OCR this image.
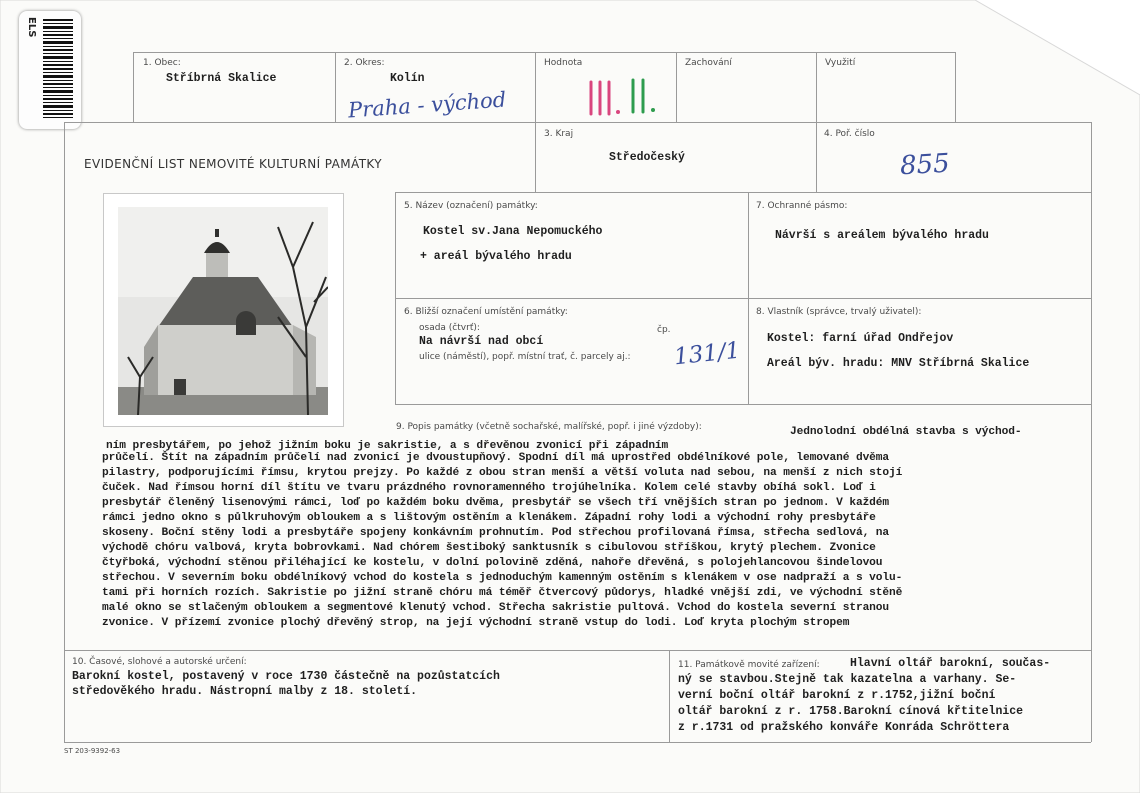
ELS
1. Obec:
Stříbrná Skalice
2. Okres:
Kolín
Praha - východ
Hodnota	Zachování	Využití
EVIDENČNÍ LIST NEMOVITÉ KULTURNÍ PAMÁTKY
3. Kraj
Středočeský
4. Poř. číslo
855
5. Název (označení) památky:
Kostel sv.Jana Nepomuckého
+ areál bývalého hradu
7. Ochranné pásmo:
Návrší s areálem bývalého hradu
6. Bližší označení umístění památky:
osada (čtvrť):
Na návrší nad obcí
čp.
ulice (náměstí), popř. místní trať, č. parcely aj.: 131/1
8. Vlastník (správce, trvalý uživatel):
Kostel: farní úřad Ondřejov
Areál býv. hradu: MNV Stříbrná Skalice
9. Popis památky (včetně sochařské, malířské, popř. i jiné výzdoby):	Jednolodní obdélná stavba s východ-
ním presbytářem, po jehož jižním boku je sakristie, a s dřevěnou zvonicí při západním
průčelí. Štít na západním průčelí nad zvonicí je dvoustupňový. Spodní díl má uprostřed obdélníkové pole, lemované dvěma
pilastry, podporujícími římsu, krytou prejzy. Po každé z obou stran menší a větší voluta nad sebou, na menší z nich stojí
čuček. Nad římsou horní díl štítu ve tvaru prázdného rovnoramenného trojúhelníka. Kolem celé stavby obíhá sokl. Loď i
presbytář členěný lisenovými rámci, loď po každém boku dvěma, presbytář se všech tří vnějších stran po jednom. V každém
rámci jedno okno s půlkruhovým obloukem a s lištovým ostěním a klenákem. Západní rohy lodi a východní rohy presbytáře
skoseny. Boční stěny lodi a presbytáře spojeny konkávním prohnutím. Pod střechou profilovaná římsa, střecha sedlová, na
východě chóru valbová, kryta bobrovkami. Nad chórem šestiboký sanktusník s cibulovou stříškou, krytý plechem. Zvonice
čtyřboká, východní stěnou přiléhající ke kostelu, v dolní polovině zděná, nahoře dřevěná, s polojehlancovou šindelovou
střechou. V severním boku obdélníkový vchod do kostela s jednoduchým kamenným ostěním s klenákem v ose nadpraží a s volu-
tami při horních rozích. Sakristie po jižní straně chóru má téměř čtvercový půdorys, hladké vnější zdi, ve východní stěně
malé okno se stlačeným obloukem a segmentové klenutý vchod. Střecha sakristie pultová. Vchod do kostela severní stranou
zvonice. V přízemí zvonice plochý dřevěný strop, na její východní straně vstup do lodi. Loď kryta plochým stropem
10. Časové, slohové a autorské určení:
Barokní kostel, postavený v roce 1730 částečně na pozůstatcích
středověkého hradu. Nástropní malby z 18. století.
11. Památkově movité zařízení:	Hlavní oltář barokní, součas-
ný se stavbou.Stejně tak kazatelna a varhany. Se-
verní boční oltář barokní z r.1752,jižní boční
oltář barokní z r. 1758.Barokní cínová křtitelnice
z r.1731 od pražského konváře Konráda Schröttera
ST 203-9392-63
